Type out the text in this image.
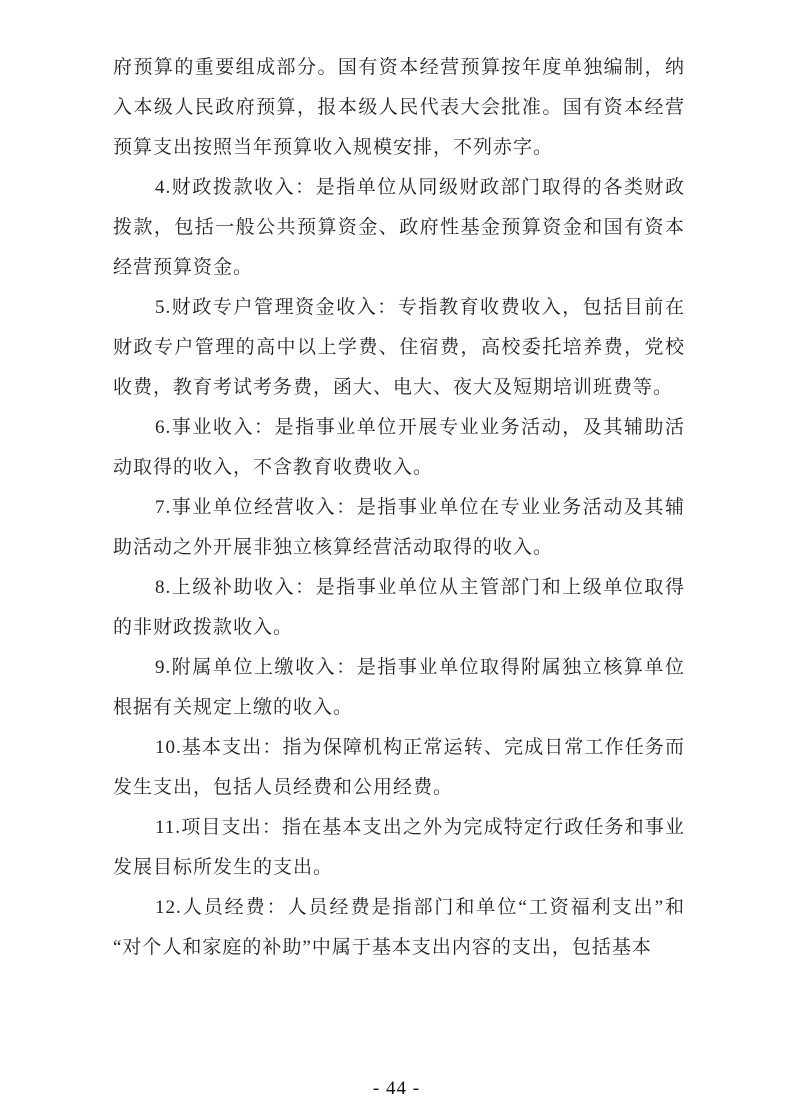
府预算的重要组成部分。国有资本经营预算按年度单独编制，纳入本级人民政府预算，报本级人民代表大会批准。国有资本经营预算支出按照当年预算收入规模安排，不列赤字。

4.财政拨款收入：是指单位从同级财政部门取得的各类财政拨款，包括一般公共预算资金、政府性基金预算资金和国有资本经营预算资金。

5.财政专户管理资金收入：专指教育收费收入，包括目前在财政专户管理的高中以上学费、住宿费，高校委托培养费，党校收费，教育考试考务费，函大、电大、夜大及短期培训班费等。

6.事业收入：是指事业单位开展专业业务活动，及其辅助活动取得的收入，不含教育收费收入。

7.事业单位经营收入：是指事业单位在专业业务活动及其辅助活动之外开展非独立核算经营活动取得的收入。

8.上级补助收入：是指事业单位从主管部门和上级单位取得的非财政拨款收入。

9.附属单位上缴收入：是指事业单位取得附属独立核算单位根据有关规定上缴的收入。

10.基本支出：指为保障机构正常运转、完成日常工作任务而发生支出，包括人员经费和公用经费。

11.项目支出：指在基本支出之外为完成特定行政任务和事业发展目标所发生的支出。

12.人员经费：人员经费是指部门和单位“工资福利支出”和“对个人和家庭的补助”中属于基本支出内容的支出，包括基本

- 44 -
